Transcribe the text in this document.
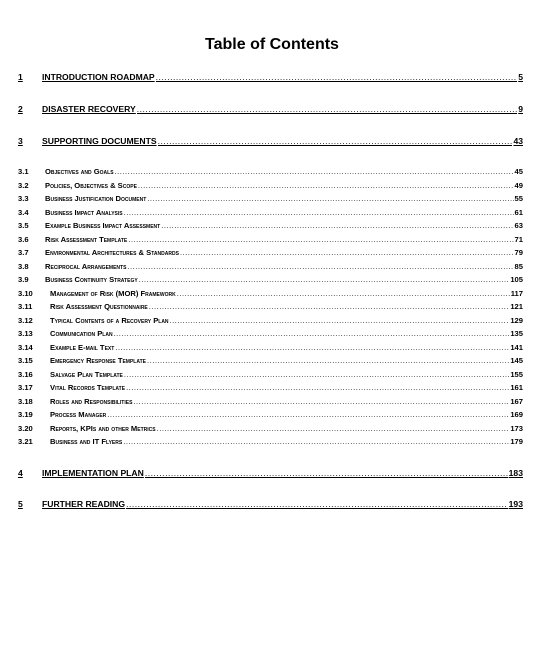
Table of Contents
1	INTRODUCTION ROADMAP .....	5
2	DISASTER RECOVERY .....	9
3	SUPPORTING DOCUMENTS .....	43
3.1	Objectives and Goals .....	45
3.2	Policies, Objectives & Scope .....	49
3.3	Business Justification Document .....	55
3.4	Business Impact Analysis .....	61
3.5	Example Business Impact Assessment .....	63
3.6	Risk Assessment Template .....	71
3.7	Environmental Architectures & Standards .....	79
3.8	Reciprocal Arrangements .....	85
3.9	Business Continuity Strategy .....	105
3.10	Management of Risk (MOR) Framework .....	117
3.11	Risk Assessment Questionnaire .....	121
3.12	Typical Contents of a Recovery Plan .....	129
3.13	Communication Plan .....	135
3.14	Example E-mail Text .....	141
3.15	Emergency Response Template .....	145
3.16	Salvage Plan Template .....	155
3.17	Vital Records Template .....	161
3.18	Roles and Responsibilities .....	167
3.19	Process Manager .....	169
3.20	Reports, KPIs and other Metrics .....	173
3.21	Business and IT Flyers .....	179
4	IMPLEMENTATION PLAN .....	183
5	FURTHER READING .....	193
